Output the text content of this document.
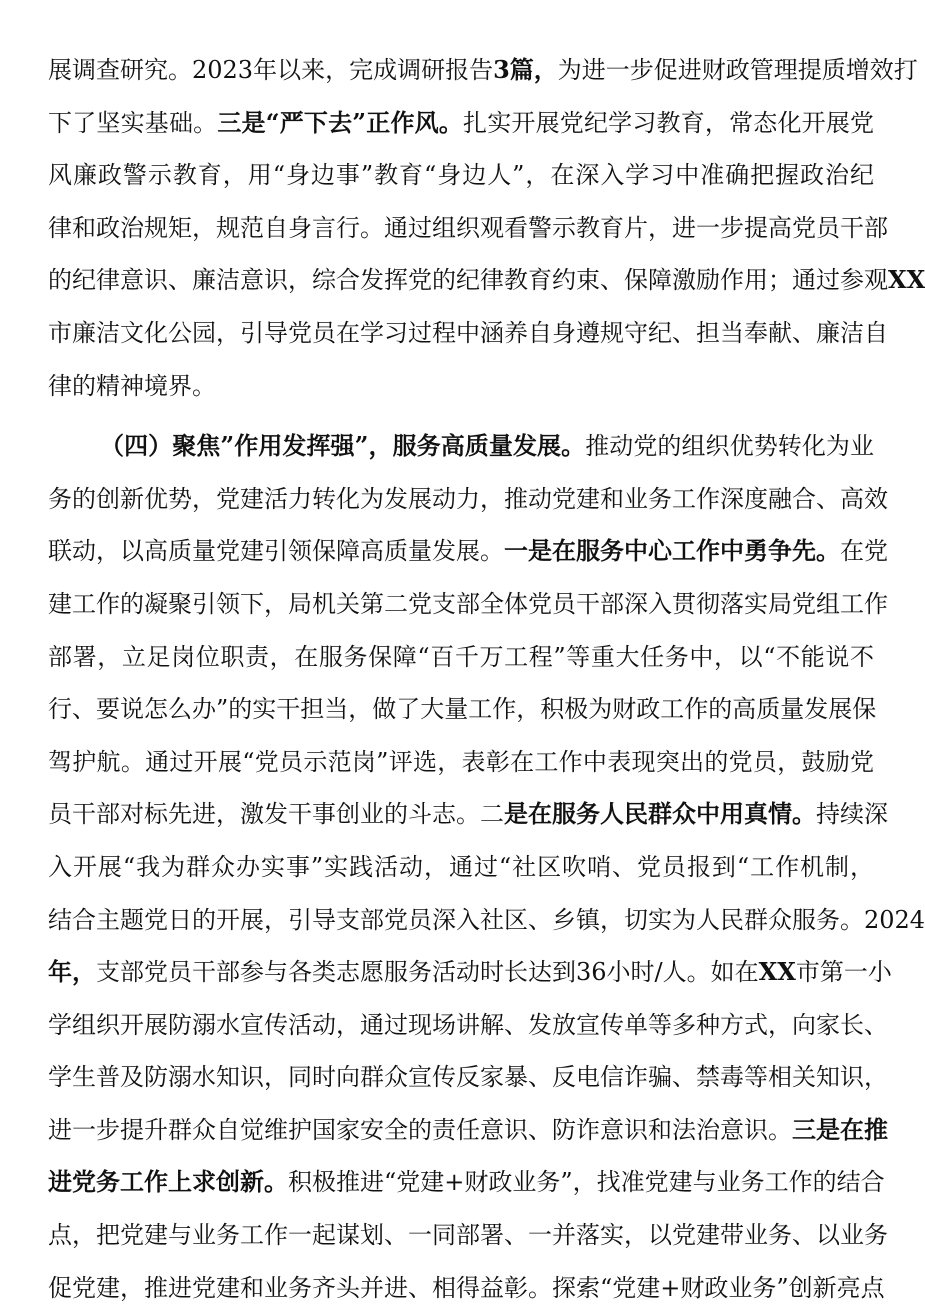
展调查研究。2023年以来，完成调研报告3篇，为进一步促进财政管理提质增效打
下了坚实基础。三是“严下去”正作风。扎实开展党纪学习教育，常态化开展党
风廉政警示教育，用“身边事”教育“身边人”，在深入学习中准确把握政治纪
律和政治规矩，规范自身言行。通过组织观看警示教育片，进一步提高党员干部
的纪律意识、廉洁意识，综合发挥党的纪律教育约束、保障激励作用；通过参观XX
市廉洁文化公园，引导党员在学习过程中涵养自身遵规守纪、担当奉献、廉洁自
律的精神境界。
（四）聚焦”作用发挥强”，服务高质量发展。推动党的组织优势转化为业
务的创新优势，党建活力转化为发展动力，推动党建和业务工作深度融合、高效
联动，以高质量党建引领保障高质量发展。一是在服务中心工作中勇争先。在党
建工作的凝聚引领下，局机关第二党支部全体党员干部深入贯彻落实局党组工作
部署，立足岗位职责，在服务保障“百千万工程”等重大任务中，以“不能说不
行、要说怎么办”的实干担当，做了大量工作，积极为财政工作的高质量发展保
驾护航。通过开展“党员示范岗”评选，表彰在工作中表现突出的党员，鼓励党
员干部对标先进，激发干事创业的斗志。二是在服务人民群众中用真情。持续深
入开展“我为群众办实事”实践活动，通过“社区吹哨、党员报到“工作机制，
结合主题党日的开展，引导支部党员深入社区、乡镇，切实为人民群众服务。2024
年，支部党员干部参与各类志愿服务活动时长达到36小时/人。如在XX市第一小
学组织开展防溺水宣传活动，通过现场讲解、发放宣传单等多种方式，向家长、
学生普及防溺水知识，同时向群众宣传反家暴、反电信诈骗、禁毒等相关知识，
进一步提升群众自觉维护国家安全的责任意识、防诈意识和法治意识。三是在推
进党务工作上求创新。积极推进“党建+财政业务”，找准党建与业务工作的结合
点，把党建与业务工作一起谋划、一同部署、一并落实，以党建带业务、以业务
促党建，推进党建和业务齐头并进、相得益彰。探索“党建+财政业务”创新亮点
